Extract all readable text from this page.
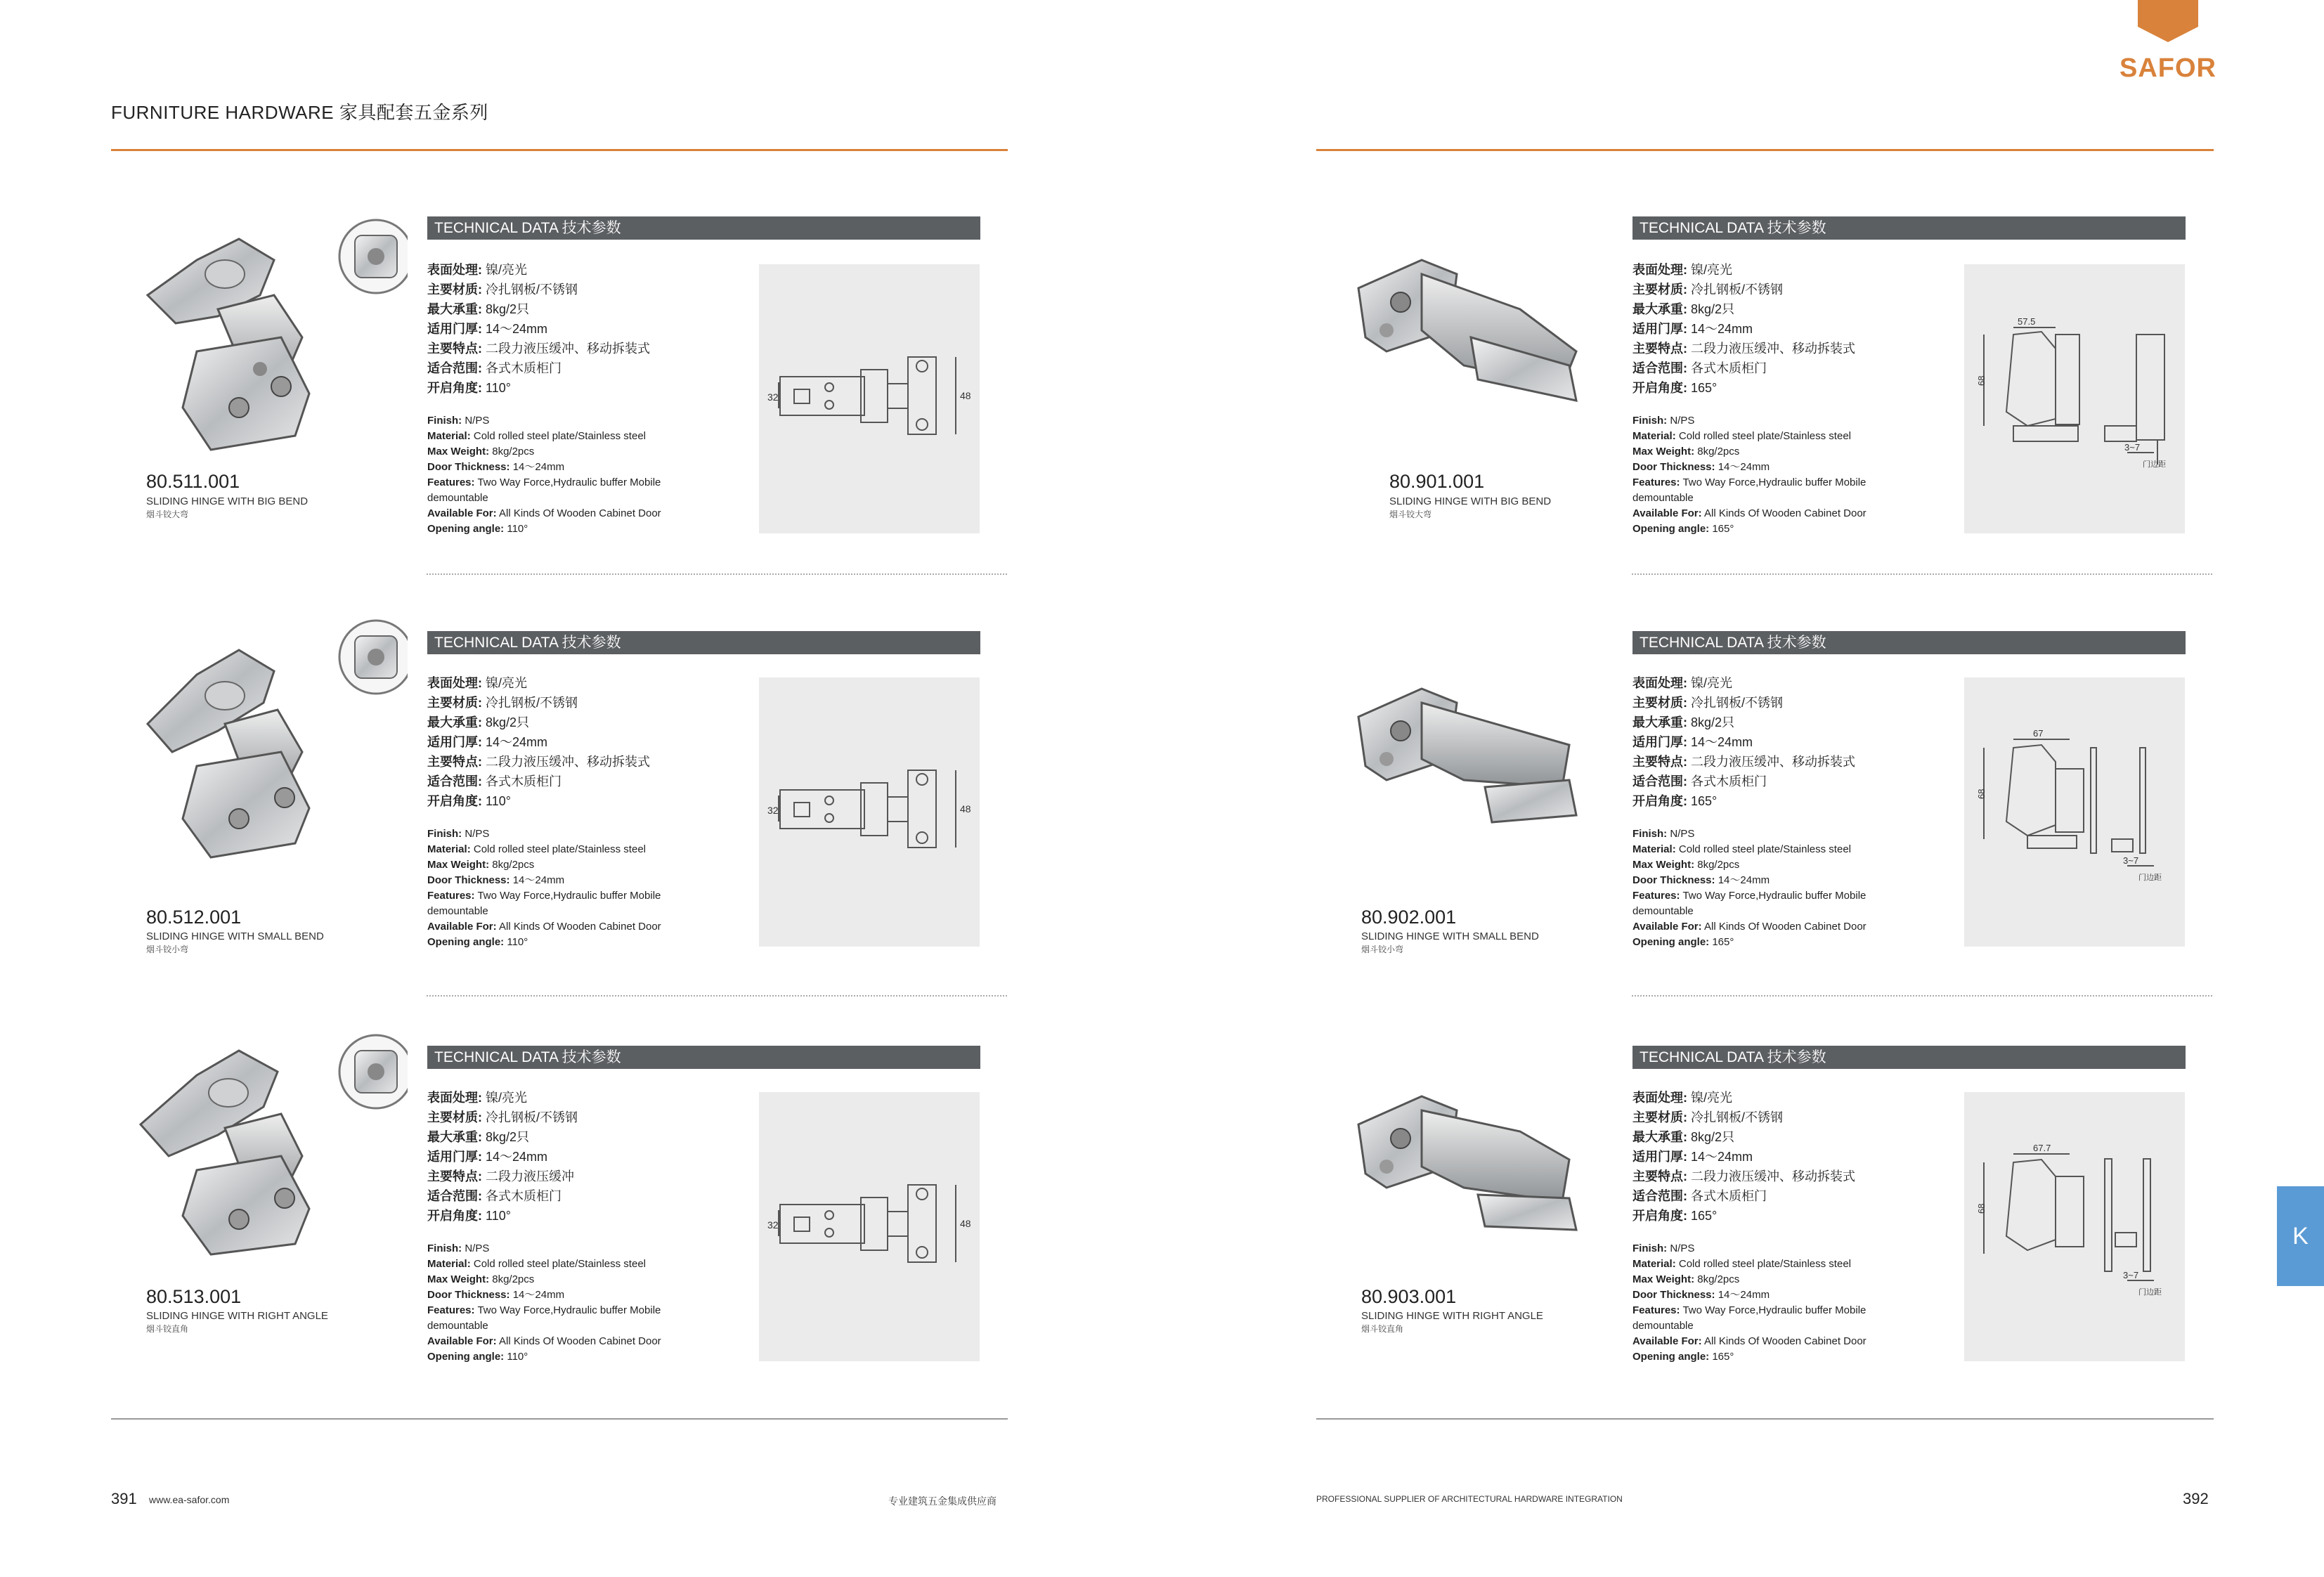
FURNITURE HARDWARE 家具配套五金系列
SAFOR
K
80.511.001
SLIDING HINGE WITH BIG BEND
烟斗铰大弯
TECHNICAL DATA 技术参数
表面处理: 镍/亮光
主要材质: 冷扎钢板/不锈钢
最大承重: 8kg/2只
适用门厚: 14～24mm
主要特点: 二段力液压缓冲、移动拆装式
适合范围: 各式木质柜门
开启角度: 110°
Finish: N/PS
Material: Cold rolled steel plate/Stainless steel
Max Weight: 8kg/2pcs
Door Thickness: 14～24mm
Features: Two Way Force,Hydraulic buffer Mobile demountable
Available For: All Kinds Of Wooden Cabinet Door
Opening angle: 110°
32	48
80.512.001
SLIDING HINGE WITH SMALL BEND
烟斗铰小弯
TECHNICAL DATA 技术参数
表面处理: 镍/亮光
主要材质: 冷扎钢板/不锈钢
最大承重: 8kg/2只
适用门厚: 14～24mm
主要特点: 二段力液压缓冲、移动拆装式
适合范围: 各式木质柜门
开启角度: 110°
Finish: N/PS
Material: Cold rolled steel plate/Stainless steel
Max Weight: 8kg/2pcs
Door Thickness: 14～24mm
Features: Two Way Force,Hydraulic buffer Mobile demountable
Available For: All Kinds Of Wooden Cabinet Door
Opening angle: 110°
32	48
80.513.001
SLIDING HINGE WITH RIGHT ANGLE
烟斗铰直角
TECHNICAL DATA 技术参数
表面处理: 镍/亮光
主要材质: 冷扎钢板/不锈钢
最大承重: 8kg/2只
适用门厚: 14～24mm
主要特点: 二段力液压缓冲
适合范围: 各式木质柜门
开启角度: 110°
Finish: N/PS
Material: Cold rolled steel plate/Stainless steel
Max Weight: 8kg/2pcs
Door Thickness: 14～24mm
Features: Two Way Force,Hydraulic buffer Mobile demountable
Available For: All Kinds Of Wooden Cabinet Door
Opening angle: 110°
32	48
80.901.001
SLIDING HINGE WITH BIG BEND
烟斗铰大弯
TECHNICAL DATA 技术参数
表面处理: 镍/亮光
主要材质: 冷扎钢板/不锈钢
最大承重: 8kg/2只
适用门厚: 14～24mm
主要特点: 二段力液压缓冲、移动拆装式
适合范围: 各式木质柜门
开启角度: 165°
Finish: N/PS
Material: Cold rolled steel plate/Stainless steel
Max Weight: 8kg/2pcs
Door Thickness: 14～24mm
Features: Two Way Force,Hydraulic buffer Mobile demountable
Available For: All Kinds Of Wooden Cabinet Door
Opening angle: 165°
57.5
68
3~7
门边距
80.902.001
SLIDING HINGE WITH SMALL BEND
烟斗铰小弯
TECHNICAL DATA 技术参数
表面处理: 镍/亮光
主要材质: 冷扎钢板/不锈钢
最大承重: 8kg/2只
适用门厚: 14～24mm
主要特点: 二段力液压缓冲、移动拆装式
适合范围: 各式木质柜门
开启角度: 165°
Finish: N/PS
Material: Cold rolled steel plate/Stainless steel
Max Weight: 8kg/2pcs
Door Thickness: 14～24mm
Features: Two Way Force,Hydraulic buffer Mobile demountable
Available For: All Kinds Of Wooden Cabinet Door
Opening angle: 165°
67
68
3~7
门边距
80.903.001
SLIDING HINGE WITH RIGHT ANGLE
烟斗铰直角
TECHNICAL DATA 技术参数
表面处理: 镍/亮光
主要材质: 冷扎钢板/不锈钢
最大承重: 8kg/2只
适用门厚: 14～24mm
主要特点: 二段力液压缓冲、移动拆装式
适合范围: 各式木质柜门
开启角度: 165°
Finish: N/PS
Material: Cold rolled steel plate/Stainless steel
Max Weight: 8kg/2pcs
Door Thickness: 14～24mm
Features: Two Way Force,Hydraulic buffer Mobile demountable
Available For: All Kinds Of Wooden Cabinet Door
Opening angle: 165°
67.7
68
3~7
门边距
391 www.ea-safor.com	专业建筑五金集成供应商	PROFESSIONAL SUPPLIER OF ARCHITECTURAL HARDWARE INTEGRATION	392
